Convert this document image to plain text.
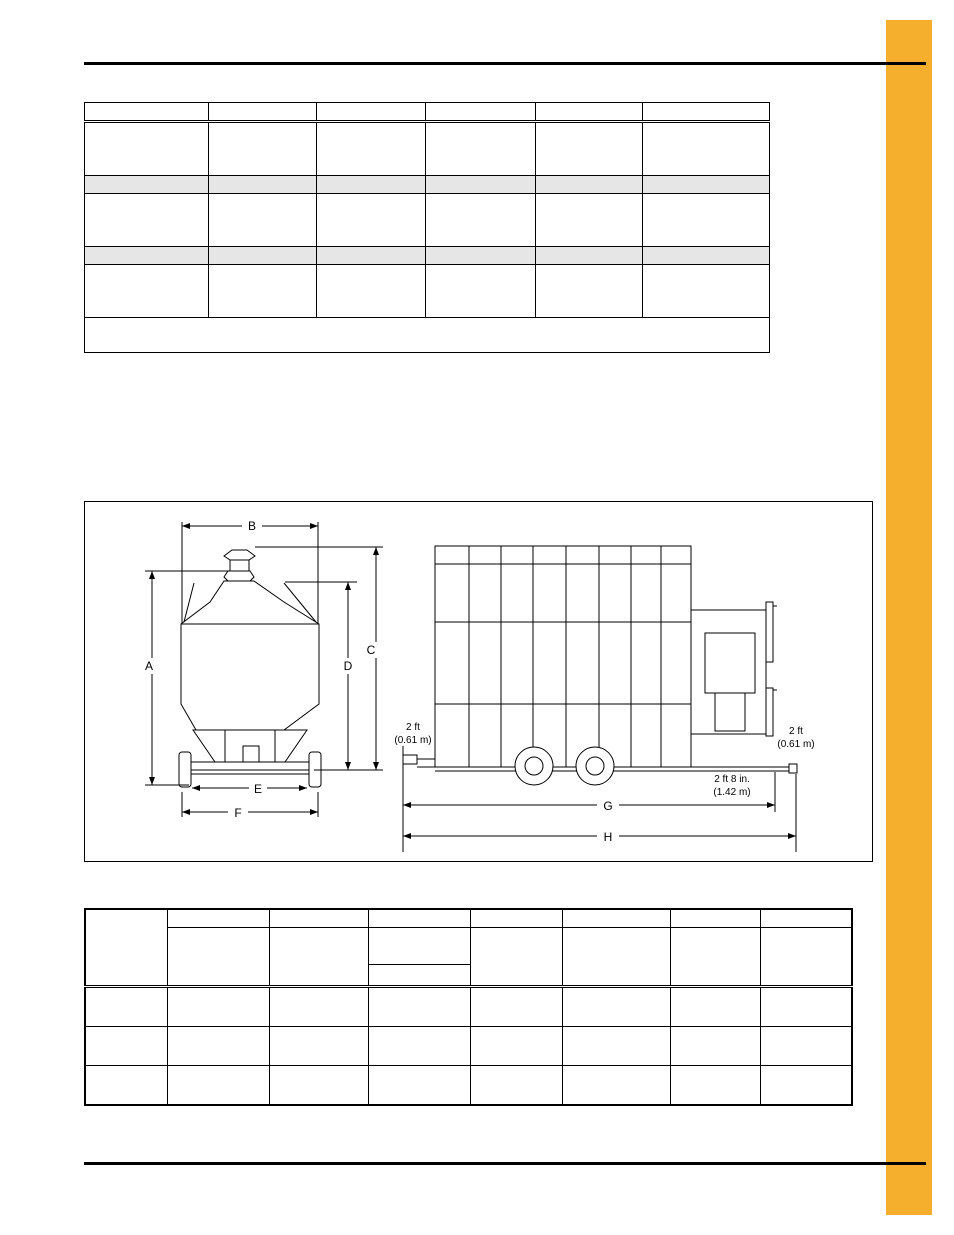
B
A
C
D
E
F	G
H
2 ft
(0.61 m)
2 ft
(0.61 m)
2 ft 8 in.
(1.42 m)
